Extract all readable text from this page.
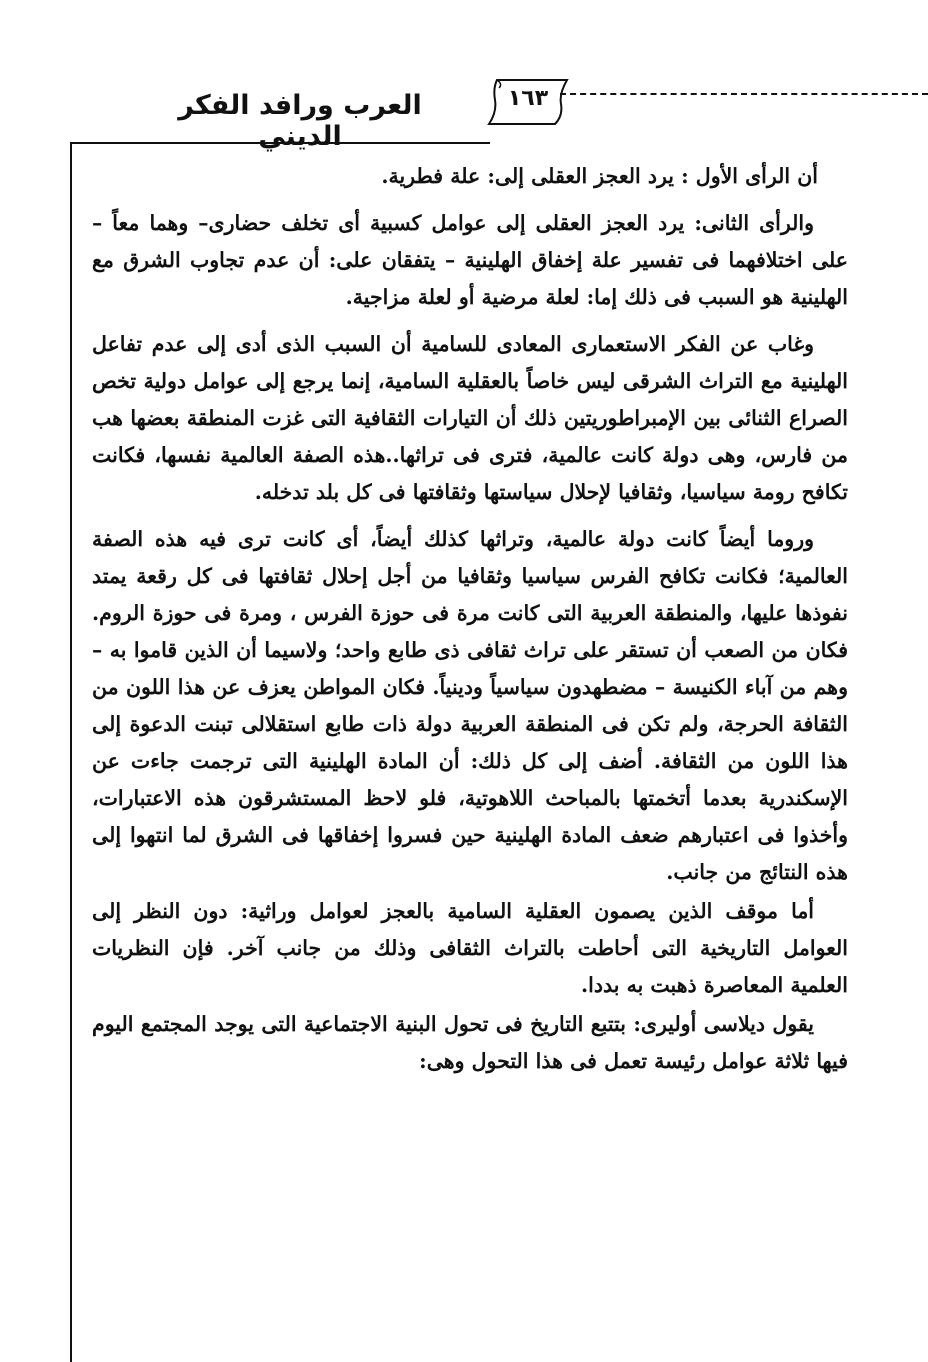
العرب ورافد الفكر الديني
١٦٣

أن الرأى الأول : يرد العجز العقلى إلى: علة فطرية.

والرأى الثانى: يرد العجز العقلى إلى عوامل كسبية أى تخلف حضارى– وهما معاً – على اختلافهما فى تفسير علة إخفاق الهلينية – يتفقان على: أن عدم تجاوب الشرق مع الهلينية هو السبب فى ذلك إما: لعلة مرضية أو لعلة مزاجية.

وغاب عن الفكر الاستعمارى المعادى للسامية أن السبب الذى أدى إلى عدم تفاعل الهلينية مع التراث الشرقى ليس خاصاً بالعقلية السامية، إنما يرجع إلى عوامل دولية تخص الصراع الثنائى بين الإمبراطوريتين ذلك أن التيارات الثقافية التى غزت المنطقة بعضها هب من فارس، وهى دولة كانت عالمية، فترى فى تراثها..هذه الصفة العالمية نفسها، فكانت تكافح رومة سياسيا، وثقافيا لإحلال سياستها وثقافتها فى كل بلد تدخله.

وروما أيضاً كانت دولة عالمية، وتراثها كذلك أيضاً، أى كانت ترى فيه هذه الصفة العالمية؛ فكانت تكافح الفرس سياسيا وثقافيا من أجل إحلال ثقافتها فى كل رقعة يمتد نفوذها عليها، والمنطقة العربية التى كانت مرة فى حوزة الفرس ، ومرة فى حوزة الروم. فكان من الصعب أن تستقر على تراث ثقافى ذى طابع واحد؛ ولاسيما أن الذين قاموا به – وهم من آباء الكنيسة – مضطهدون سياسياً ودينياً. فكان المواطن يعزف عن هذا اللون من الثقافة الحرجة، ولم تكن فى المنطقة العربية دولة ذات طابع استقلالى تبنت الدعوة إلى هذا اللون من الثقافة. أضف إلى كل ذلك: أن المادة الهلينية التى ترجمت جاءت عن الإسكندرية بعدما أتخمتها بالمباحث اللاهوتية، فلو لاحظ المستشرقون هذه الاعتبارات، وأخذوا فى اعتبارهم ضعف المادة الهلينية حين فسروا إخفاقها فى الشرق لما انتهوا إلى هذه النتائج من جانب.

أما موقف الذين يصمون العقلية السامية بالعجز لعوامل وراثية: دون النظر إلى العوامل التاريخية التى أحاطت بالتراث الثقافى وذلك من جانب آخر. فإن النظريات العلمية المعاصرة ذهبت به بددا.

يقول ديلاسى أوليرى: بتتبع التاريخ فى تحول البنية الاجتماعية التى يوجد المجتمع اليوم فيها ثلاثة عوامل رئيسة تعمل فى هذا التحول وهى:
